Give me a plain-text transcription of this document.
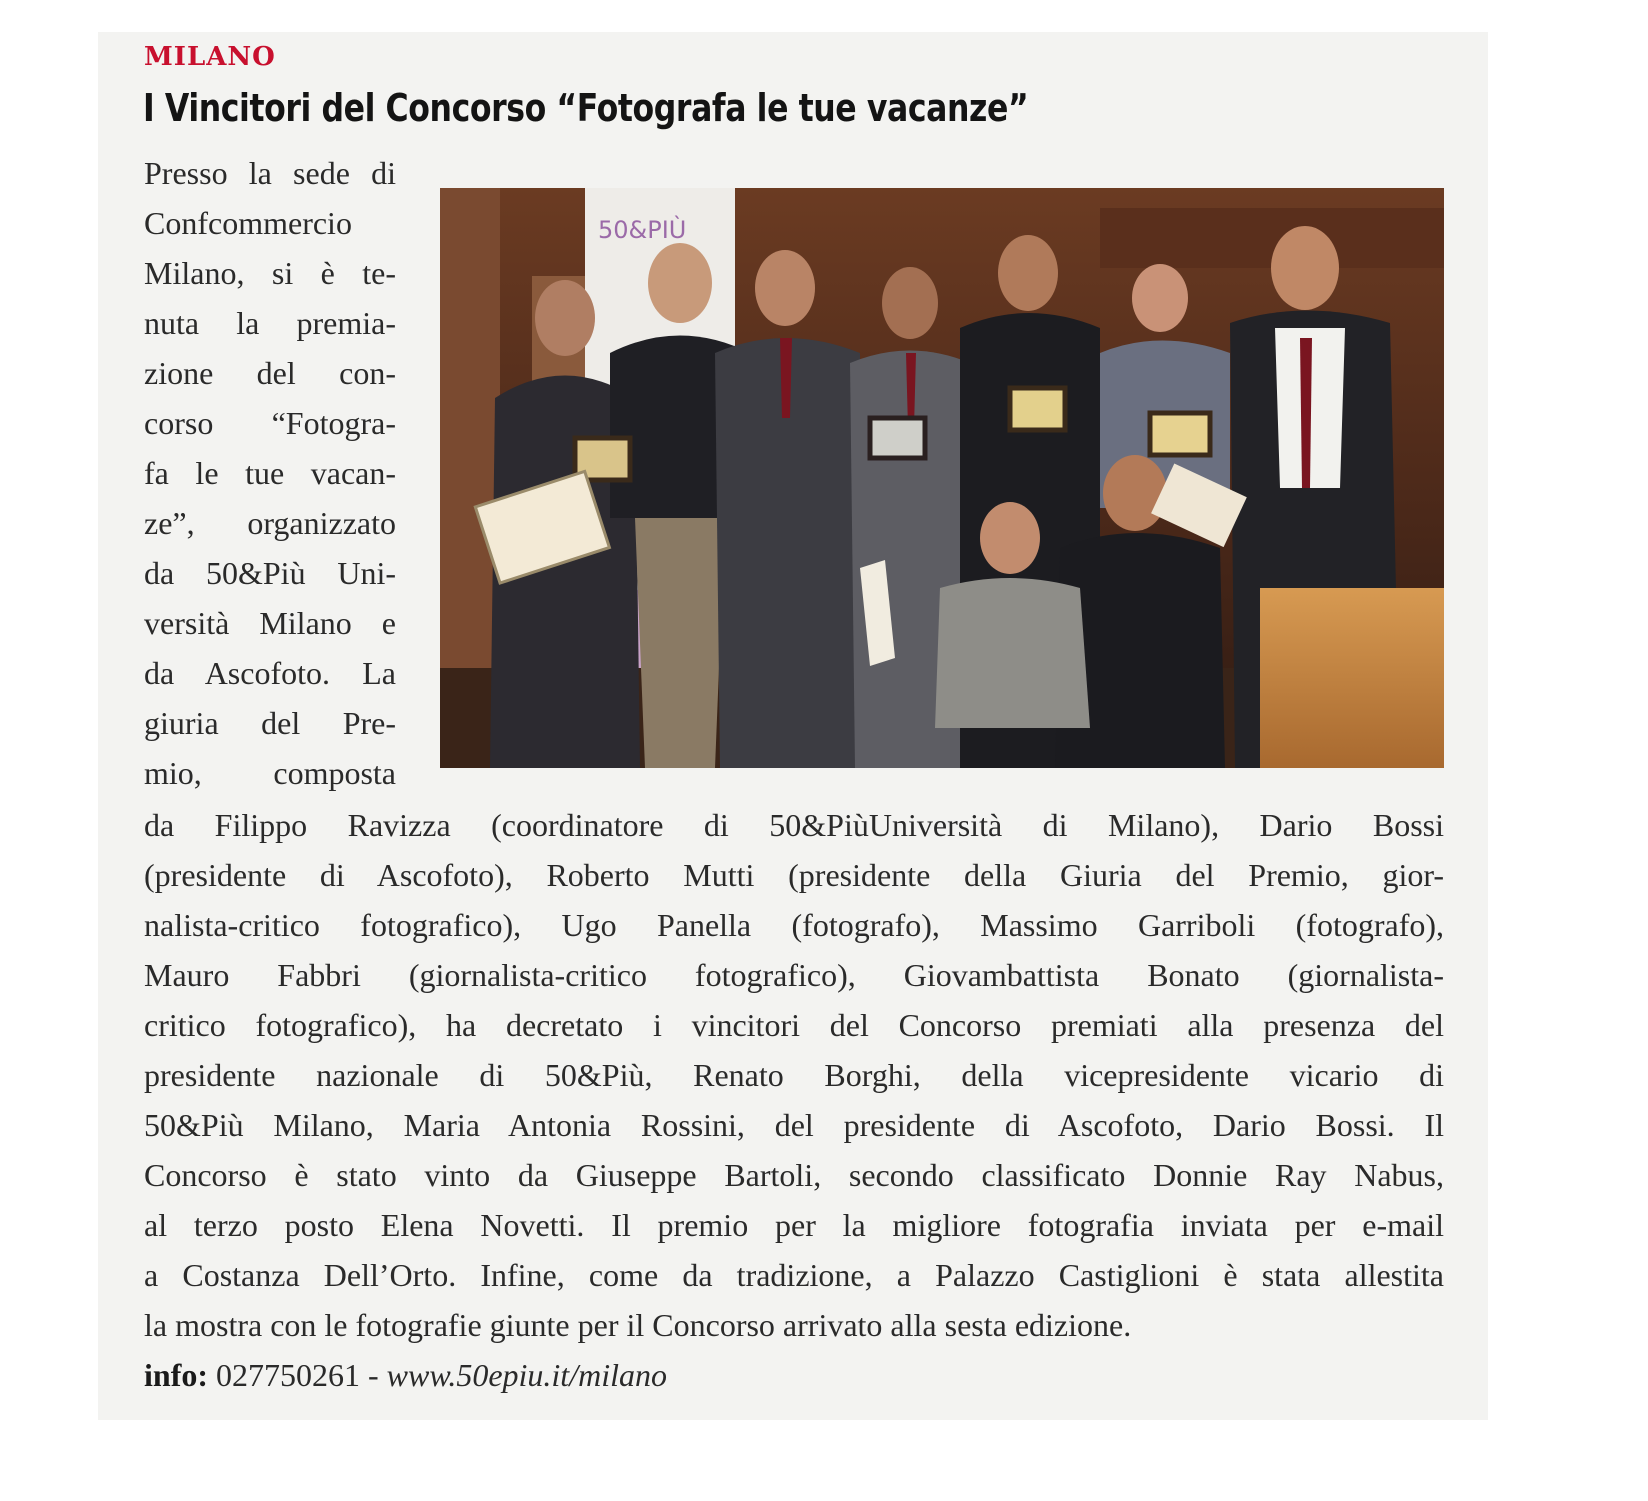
MILANO
I Vincitori del Concorso “Fotografa le tue vacanze”
Presso la sede di
Confcommercio
Milano, si è te-
nuta la premia-
zione del con-
corso “Fotogra-
fa le tue vacan-
ze”, organizzato
da 50&Più Uni-
versità Milano e
da Ascofoto. La
giuria del Pre-
mio, composta
50&PIÙ
da Filippo Ravizza (coordinatore di 50&PiùUniversità di Milano), Dario Bossi
(presidente di Ascofoto), Roberto Mutti (presidente della Giuria del Premio, gior-
nalista-critico fotografico), Ugo Panella (fotografo), Massimo Garriboli (fotografo),
Mauro Fabbri (giornalista-critico fotografico), Giovambattista Bonato (giornalista-
critico fotografico), ha decretato i vincitori del Concorso premiati alla presenza del
presidente nazionale di 50&Più, Renato Borghi, della vicepresidente vicario di
50&Più Milano, Maria Antonia Rossini, del presidente di Ascofoto, Dario Bossi. Il
Concorso è stato vinto da Giuseppe Bartoli, secondo classificato Donnie Ray Nabus,
al terzo posto Elena Novetti. Il premio per la migliore fotografia inviata per e-mail
a Costanza Dell’Orto. Infine, come da tradizione, a Palazzo Castiglioni è stata allestita
la mostra con le fotografie giunte per il Concorso arrivato alla sesta edizione.
info: 027750261 - www.50epiu.it/milano
